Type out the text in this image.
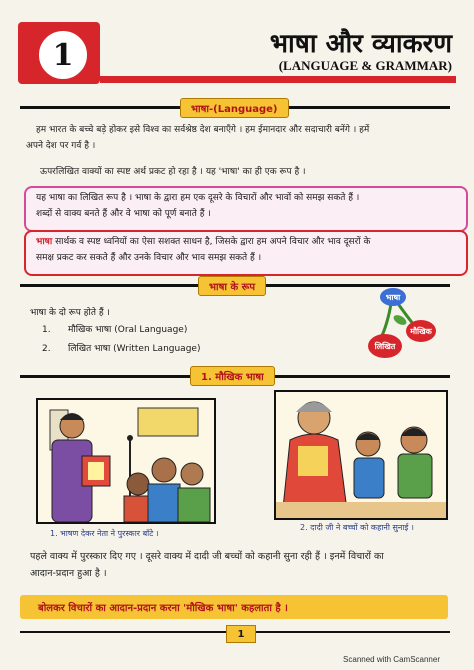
1	भाषा और व्याकरण
(LANGUAGE & GRAMMAR)
भाषा-(Language)
हम भारत के बच्चे बड़े होकर इसे विश्व का सर्वश्रेष्ठ देश बनाएँगे । हम ईमानदार और सदाचारी बनेंगे । हमें
अपने देश पर गर्व है ।
ऊपरलिखित वाक्यों का स्पष्ट अर्थ प्रकट हो रहा है । यह 'भाषा' का ही एक रूप है ।
यह भाषा का लिखित रूप है । भाषा के द्वारा हम एक दूसरे के विचारों और भावों को समझ सकते हैं ।
शब्दों से वाक्य बनते हैं और वे भाषा को पूर्ण बनाते हैं ।
भाषा सार्थक व स्पष्ट ध्वनियों का ऐसा सशक्त साधन है, जिसके द्वारा हम अपने विचार और भाव दूसरों के
समक्ष प्रकट कर सकते हैं और उनके विचार और भाव समझ सकते हैं ।
भाषा के रूप
भाषा के दो रूप होते हैं ।
1. मौखिक भाषा (Oral Language)
2. लिखित भाषा (Written Language)
भाषा
लिखित
मौखिक
1. मौखिक भाषा
1. भाषण देकर नेता ने पुरस्कार बाँटे ।
2. दादी जी ने बच्चों को कहानी सुनाई ।
पहले वाक्य में पुरस्कार दिए गए । दूसरे वाक्य में दादी जी बच्चों को कहानी सुना रही हैं । इनमें विचारों का
आदान-प्रदान हुआ है ।
बोलकर विचारों का आदान-प्रदान करना 'मौखिक भाषा' कहलाता है ।
1
Scanned with CamScanner
